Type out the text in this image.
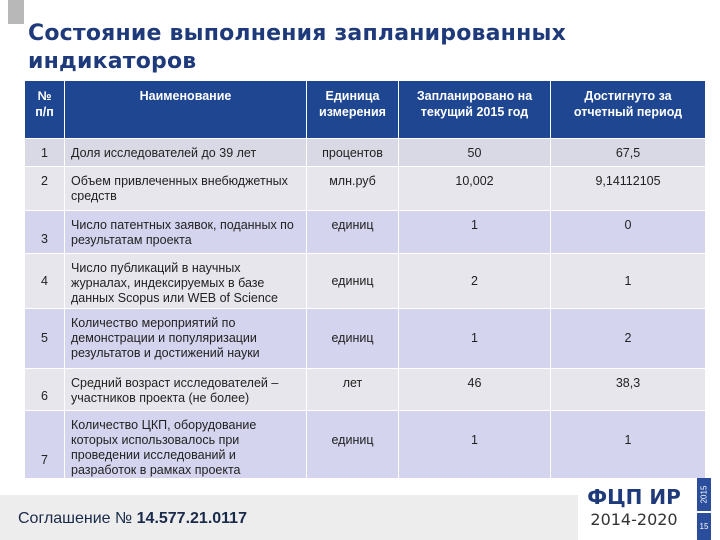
Состояние выполнения запланированных
индикаторов
№ п/п	Наименование	Единица измерения	Запланировано на текущий 2015 год	Достигнуто за отчетный период
1	Доля исследователей до 39 лет	процентов	50	67,5
2	Объем привлеченных внебюджетных средств	млн.руб	10,002	9,14112105
3	Число патентных заявок, поданных по результатам проекта	единиц	1	0
4	Число публикаций в научных журналах, индексируемых в базе данных Scopus или WEB of Science	единиц	2	1
5	Количество мероприятий по демонстрации и популяризации результатов и достижений науки	единиц	1	2
6	Средний возраст исследователей – участников проекта (не более)	лет	46	38,3
7	Количество ЦКП, оборудование которых использовалось при проведении исследований и разработок в рамках проекта	единиц	1	1
Соглашение № 14.577.21.0117
ФЦП ИР
2014-2020
2015
15
